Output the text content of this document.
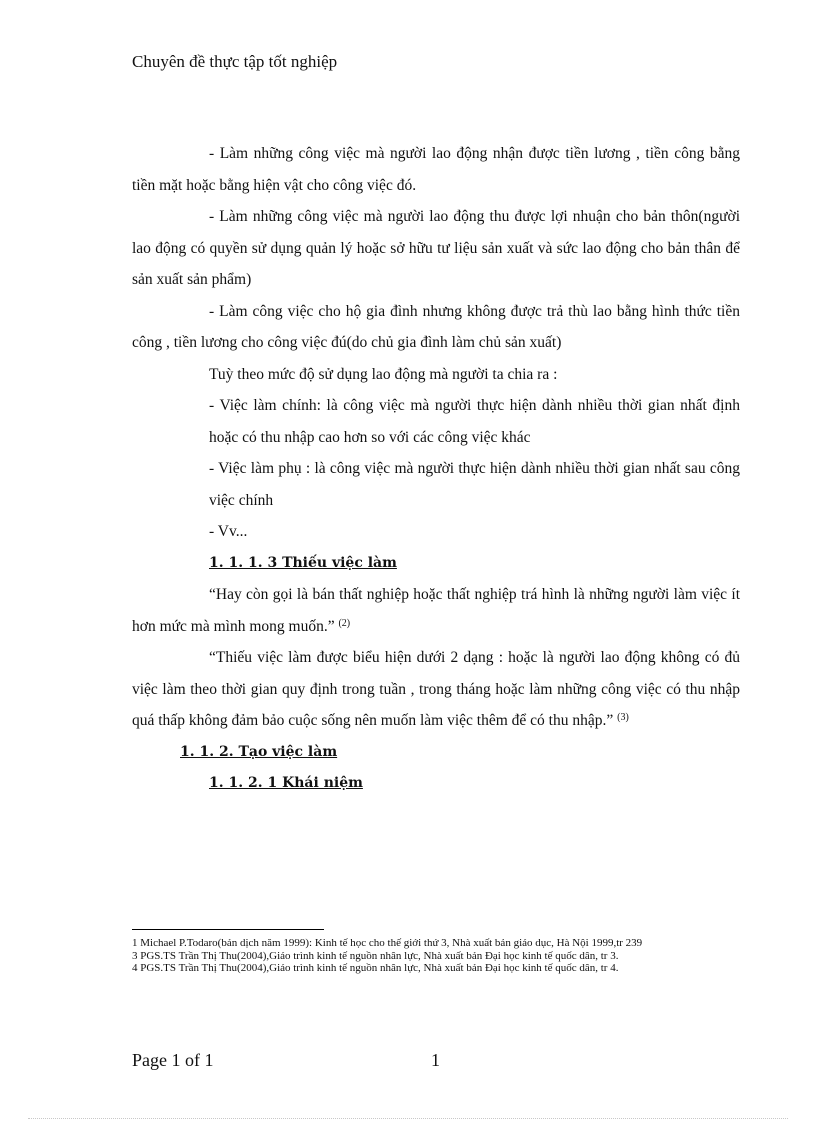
Chuyên đề thực tập tốt nghiệp

- Làm những công việc mà người lao động nhận được tiền lương , tiền công bằng tiền mặt hoặc bằng hiện vật cho công việc đó.

- Làm những công việc mà người lao động thu được lợi nhuận cho bản thôn(người lao động có quyền sử dụng quản lý hoặc sở hữu tư liệu sản xuất và sức lao động cho bản thân để sản xuất sản phẩm)

- Làm công việc cho hộ gia đình nhưng không được trả thù lao bằng hình thức tiền công , tiền lương cho công việc đú(do chủ gia đình làm chủ sản xuất)

Tuỳ theo mức độ sử dụng lao động mà người ta chia ra :

- Việc làm chính: là công việc mà người thực hiện dành nhiều thời gian nhất định hoặc có thu nhập cao hơn so với các công việc khác

- Việc làm phụ : là công việc mà người thực hiện dành nhiều thời gian nhất sau công việc chính

- Vv...

1. 1. 1. 3 Thiếu việc làm

“Hay còn gọi là bán thất nghiệp hoặc thất nghiệp trá hình là những người làm việc ít hơn mức mà mình mong muốn.” $^{(2)}$

“Thiếu việc làm được biểu hiện dưới 2 dạng : hoặc là người lao động không có đủ việc làm theo thời gian quy định trong tuần , trong tháng hoặc làm những công việc có thu nhập quá thấp không đảm bảo cuộc sống nên muốn làm việc thêm để có thu nhập.” $^{(3)}$

1. 1. 2. Tạo việc làm

1. 1. 2. 1 Khái niệm

1 Michael P.Todaro(bản dịch năm 1999): Kinh tế học cho thế giới thứ 3, Nhà xuất bản giáo dục, Hà Nội 1999,tr 239

3 PGS.TS Trần Thị Thu(2004),Giáo trình kinh tế nguồn nhân lực, Nhà xuất bản Đại học kinh tế quốc dân, tr 3.

4 PGS.TS Trần Thị Thu(2004),Giáo trình kinh tế nguồn nhân lực, Nhà xuất bản Đại học kinh tế quốc dân, tr 4.

Page 1 of 1	1
